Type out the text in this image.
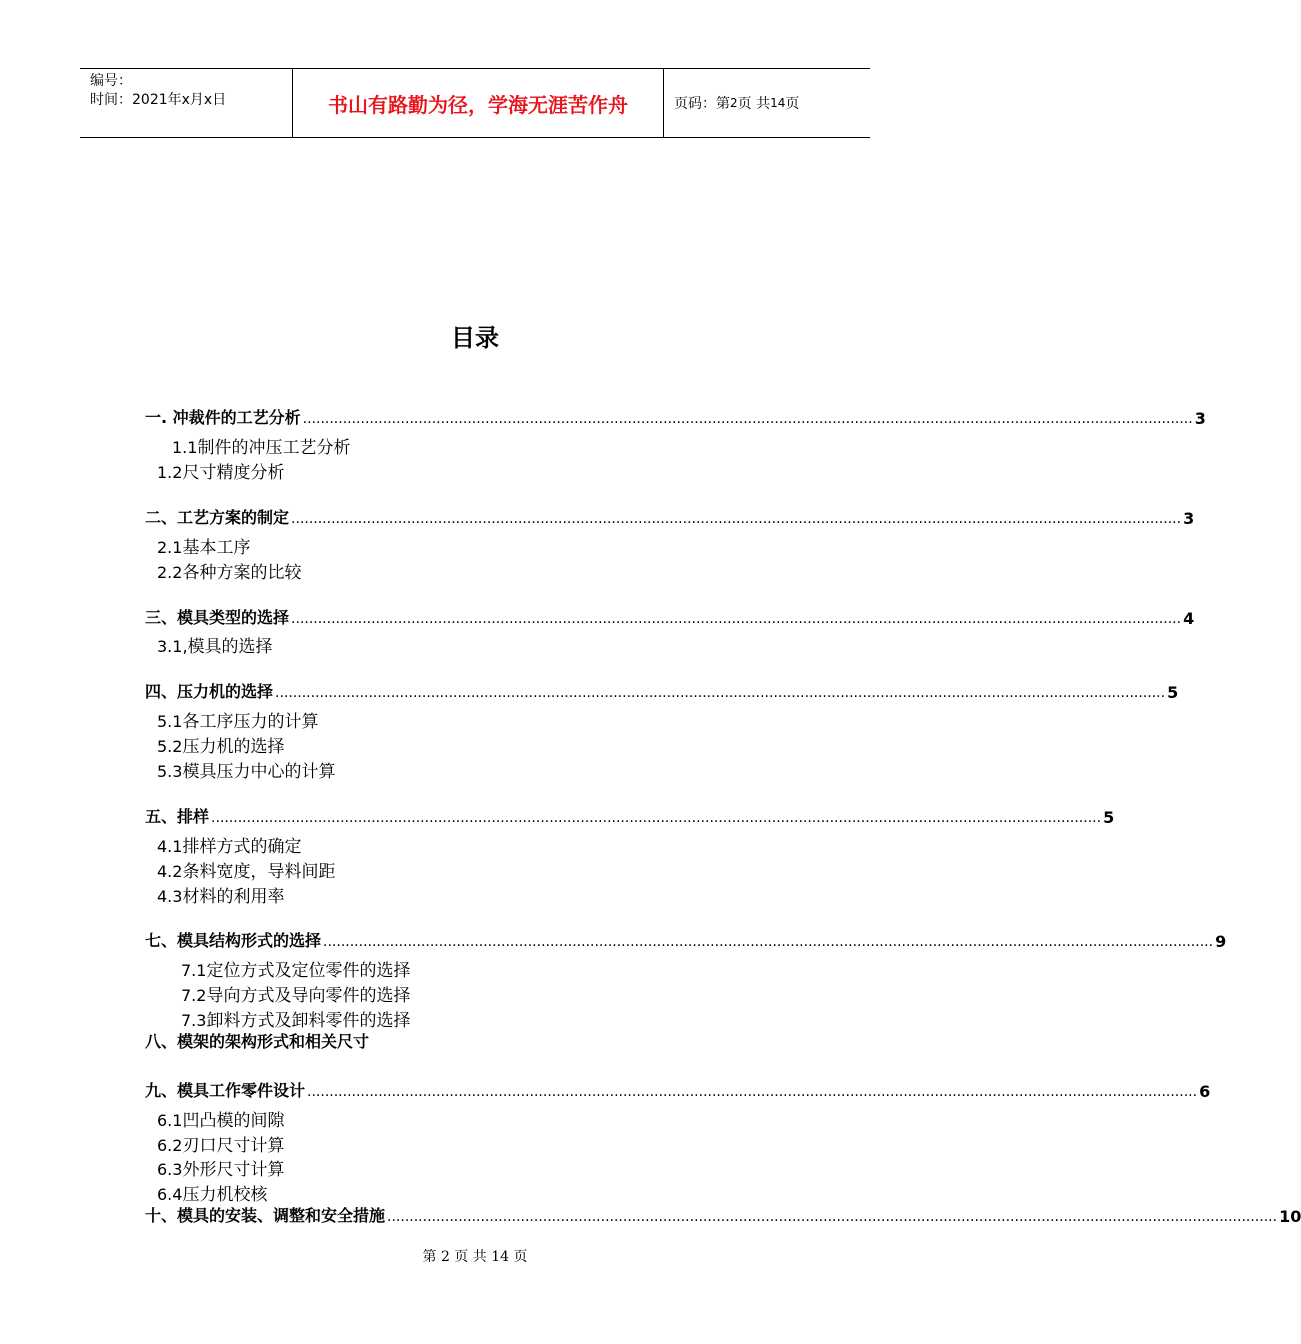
编号：
时间：2021年x月x日	书山有路勤为径，学海无涯苦作舟	页码：第 2 页 共 14 页
目录
一. 冲裁件的工艺分析 ........................................................................................................................................................................................................ 3
二、工艺方案的制定 ........................................................................................................................................................................................................ 3
三、模具类型的选择 ........................................................................................................................................................................................................ 4
四、压力机的选择 ........................................................................................................................................................................................................ 5
五、排样 ........................................................................................................................................................................................................ 5
七、模具结构形式的选择 ........................................................................................................................................................................................................ 9
八、模架的架构形式和相关尺寸
九、模具工作零件设计 ........................................................................................................................................................................................................ 6
十、模具的安装、调整和安全措施 ........................................................................................................................................................................................................ 10
1.1制件的冲压工艺分析
1.2尺寸精度分析
2.1基本工序
2.2各种方案的比较
3.1,模具的选择
5.1各工序压力的计算
5.2压力机的选择
5.3模具压力中心的计算
4.1排样方式的确定
4.2条料宽度，导料间距
4.3材料的利用率
7.1定位方式及定位零件的选择
7.2导向方式及导向零件的选择
7.3卸料方式及卸料零件的选择
6.1凹凸模的间隙
6.2刃口尺寸计算
6.3外形尺寸计算
6.4压力机校核
第 2 页 共 14 页
